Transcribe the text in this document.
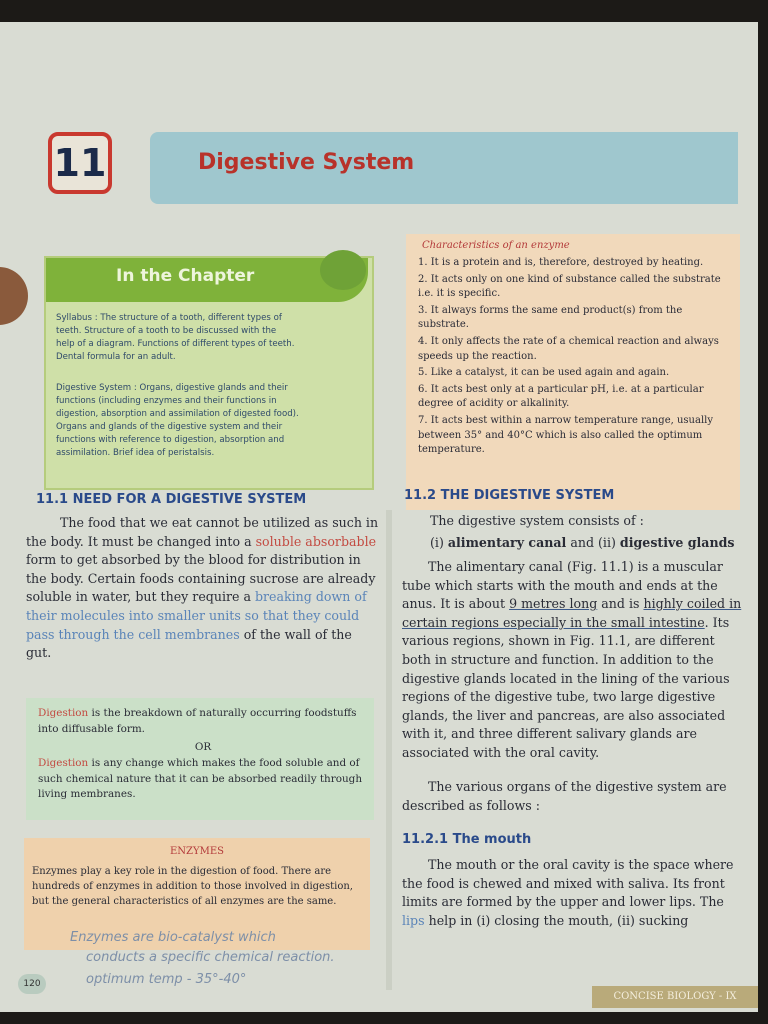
11	Digestive System
In the Chapter
Syllabus : The structure of a tooth, different types of
teeth. Structure of a tooth to be discussed with the
help of a diagram. Functions of different types of teeth.
Dental formula for an adult.
Digestive System : Organs, digestive glands and their
functions (including enzymes and their functions in
digestion, absorption and assimilation of digested food).
Organs and glands of the digestive system and their
functions with reference to digestion, absorption and
assimilation. Brief idea of peristalsis.
Characteristics of an enzyme
1. It is a protein and is, therefore, destroyed by heating.
2. It acts only on one kind of substance called the substrate i.e. it is specific.
3. It always forms the same end product(s) from the substrate.
4. It only affects the rate of a chemical reaction and always speeds up the reaction.
5. Like a catalyst, it can be used again and again.
6. It acts best only at a particular pH, i.e. at a particular degree of acidity or alkalinity.
7. It acts best within a narrow temperature range, usually between 35° and 40°C which is also called the optimum temperature.
11.1 NEED FOR A DIGESTIVE SYSTEM
The food that we eat cannot be utilized as such in the body. It must be changed into a soluble absorbable form to get absorbed by the blood for distribution in the body. Certain foods containing sucrose are already soluble in water, but they require a breaking down of their molecules into smaller units so that they could pass through the cell membranes of the wall of the gut.
Digestion is the breakdown of naturally occurring foodstuffs into diffusable form.
OR
Digestion is any change which makes the food soluble and of such chemical nature that it can be absorbed readily through living membranes.
ENZYMES
Enzymes play a key role in the digestion of food. There are hundreds of enzymes in addition to those involved in digestion, but the general characteristics of all enzymes are the same.
Enzymes are bio-catalyst which
conducts a specific chemical reaction.
optimum temp - 35°-40°
11.2 THE DIGESTIVE SYSTEM
The digestive system consists of :
(i) alimentary canal and (ii) digestive glands
The alimentary canal (Fig. 11.1) is a muscular tube which starts with the mouth and ends at the anus. It is about 9 metres long and is highly coiled in certain regions especially in the small intestine. Its various regions, shown in Fig. 11.1, are different both in structure and function. In addition to the digestive glands located in the lining of the various regions of the digestive tube, two large digestive glands, the liver and pancreas, are also associated with it, and three different salivary glands are associated with the oral cavity.
The various organs of the digestive system are described as follows :
11.2.1 The mouth
The mouth or the oral cavity is the space where the food is chewed and mixed with saliva. Its front limits are formed by the upper and lower lips. The lips help in (i) closing the mouth, (ii) sucking
120
CONCISE BIOLOGY - IX
